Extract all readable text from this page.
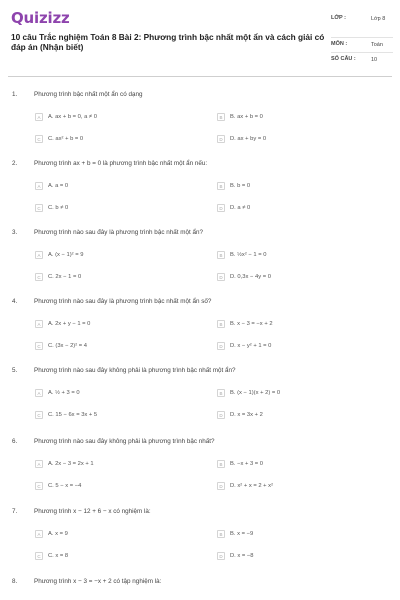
Quizizz
10 câu Trắc nghiệm Toán 8 Bài 2: Phương trình bậc nhất một ẩn và cách giải có đáp án (Nhận biết)
LỚP :	Lớp 8
MÔN :	Toán
SỐ CÂU :	10
1.	Phương trình bậc nhất một ẩn có dạng
A	A. ax + b = 0, a ≠ 0	B	B. ax + b = 0
C	C. ax² + b = 0	D	D. ax + by = 0
2.	Phương trình ax + b = 0 là phương trình bậc nhất một ẩn nếu:
A	A. a = 0	B	B. b = 0
C	C. b ≠ 0	D	D. a ≠ 0
3.	Phương trình nào sau đây là phương trình bậc nhất một ẩn?
A	A. (x − 1)² = 9	B	B. ½x² − 1 = 0
C	C. 2x − 1 = 0	D	D. 0,3x − 4y = 0
4.	Phương trình nào sau đây là phương trình bậc nhất một ẩn số?
A	A. 2x + y − 1 = 0	B	B. x − 3 = −x + 2
C	C. (3x − 2)² = 4	D	D. x − y² + 1 = 0
5.	Phương trình nào sau đây không phải là phương trình bậc nhất một ẩn?
A	A. ½ + 3 = 0	B	B. (x − 1)(x + 2) = 0
C	C. 15 − 6x = 3x + 5	D	D. x = 3x + 2
6.	Phương trình nào sau đây không phải là phương trình bậc nhất?
A	A. 2x − 3 = 2x + 1	B	B. −x + 3 = 0
C	C. 5 − x = −4	D	D. x² + x = 2 + x²
7.	Phương trình x − 12 + 6 − x có nghiệm là:
A	A. x = 9	B	B. x = −9
C	C. x = 8	D	D. x = −8
8.	Phương trình x − 3 = −x + 2 có tập nghiệm là:
